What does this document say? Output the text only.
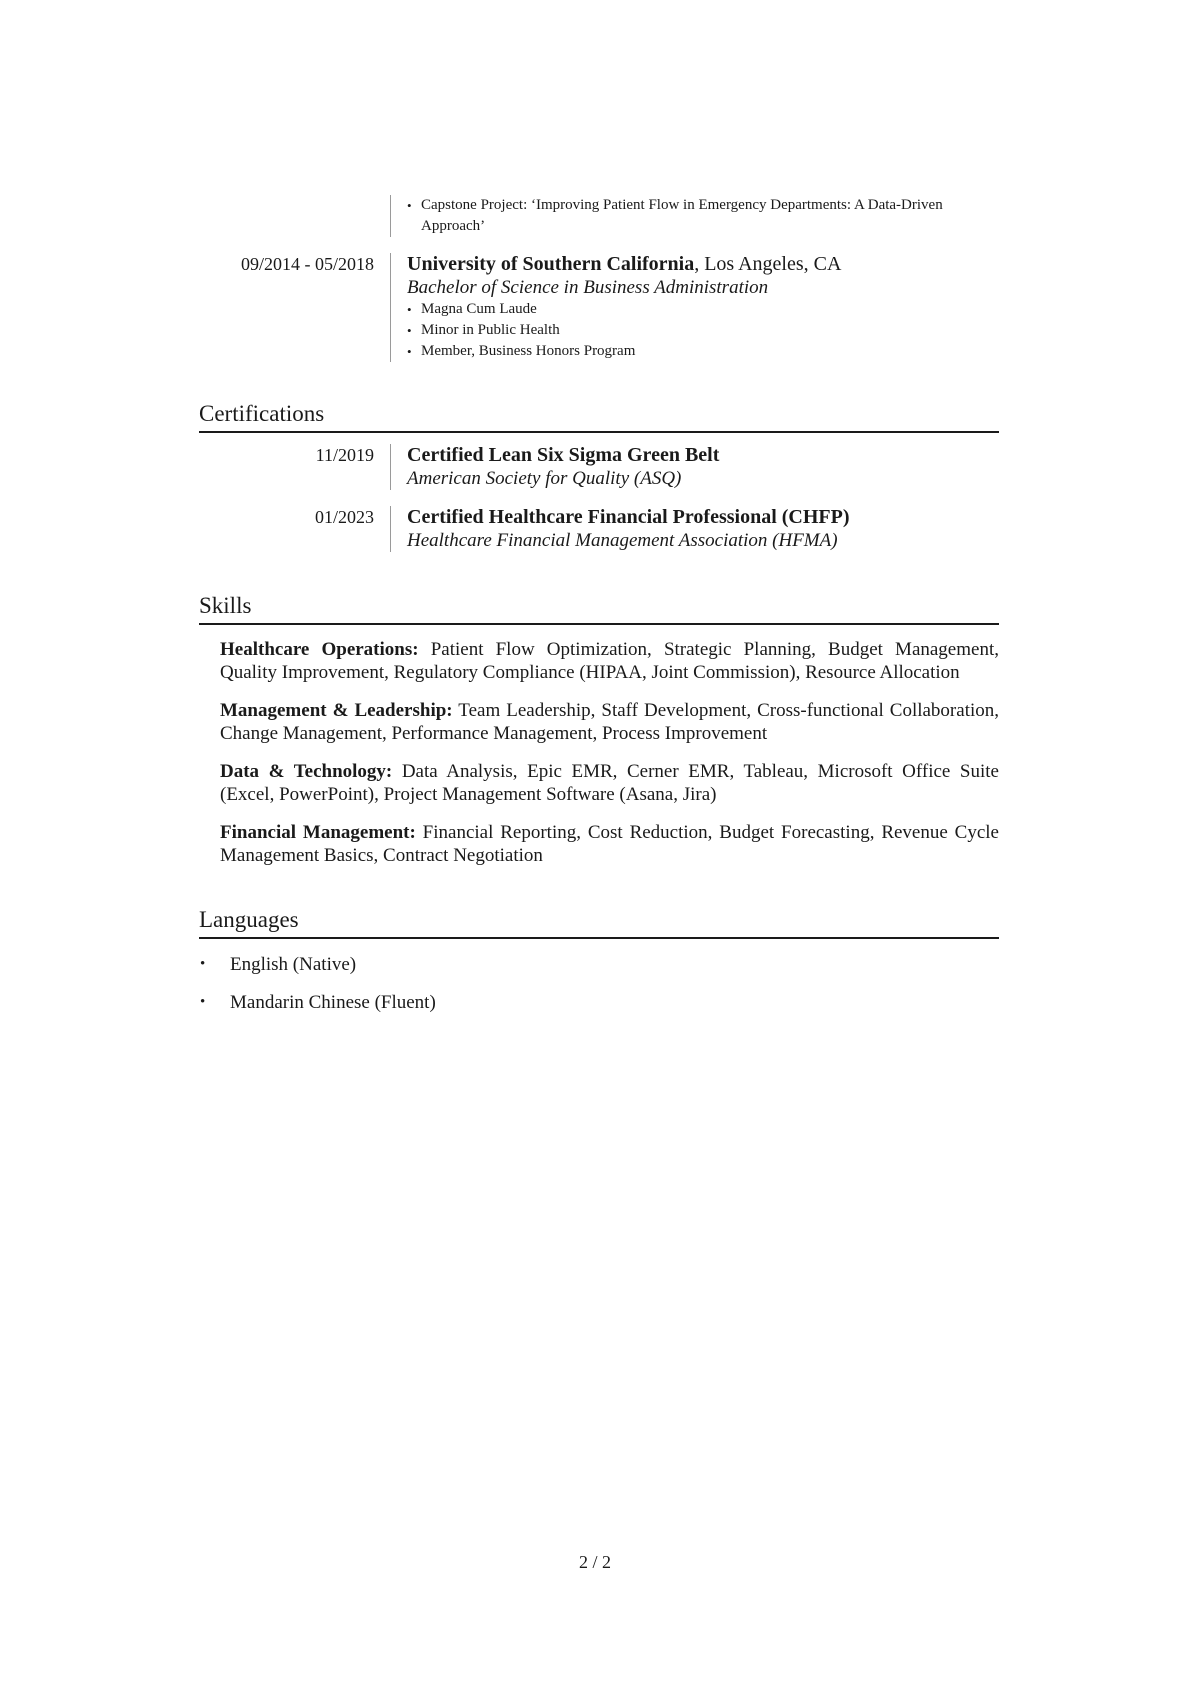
• Capstone Project: ‘Improving Patient Flow in Emergency Departments: A Data-Driven Approach’
09/2014 - 05/2018 University of Southern California, Los Angeles, CA
Bachelor of Science in Business Administration
• Magna Cum Laude
• Minor in Public Health
• Member, Business Honors Program
Certifications
11/2019 Certified Lean Six Sigma Green Belt
American Society for Quality (ASQ)
01/2023 Certified Healthcare Financial Professional (CHFP)
Healthcare Financial Management Association (HFMA)
Skills
Healthcare Operations: Patient Flow Optimization, Strategic Planning, Budget Management, Quality Improvement, Regulatory Compliance (HIPAA, Joint Commission), Resource Allocation
Management & Leadership: Team Leadership, Staff Development, Cross-functional Collaboration, Change Management, Performance Management, Process Improvement
Data & Technology: Data Analysis, Epic EMR, Cerner EMR, Tableau, Microsoft Office Suite (Excel, PowerPoint), Project Management Software (Asana, Jira)
Financial Management: Financial Reporting, Cost Reduction, Budget Forecasting, Revenue Cycle Management Basics, Contract Negotiation
Languages
• English (Native)
• Mandarin Chinese (Fluent)
2 / 2
